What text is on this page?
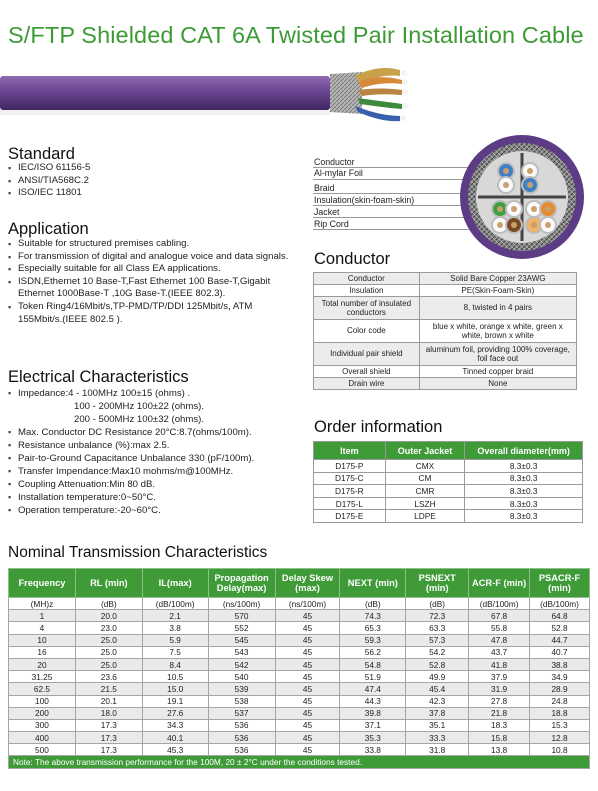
S/FTP Shielded CAT 6A Twisted Pair Installation Cable
Standard
▪ IEC/ISO 61156-5
▪ ANSI/TIA568C.2
▪ ISO/IEC 11801
Application
▪ Suitable for structured premises cabling.
▪ For transmission of digital and analogue voice and data signals.
▪ Especially suitable for all Class EA applications.
▪ ISDN,Ethernet 10 Base-T,Fast Ethernet 100 Base-T,Gigabit Ethernet 1000Base-T ,10G Base-T.(IEEE 802.3).
▪ Token Ring4/16Mbit/s,TP-PMD/TP/DDI 125Mbit/s, ATM 155Mbit/s.(IEEE 802.5 ).
Electrical Characteristics
▪ Impedance:4 - 100MHz 100±15 (ohms) .
100 - 200MHz 100±22 (ohms).
200 - 500MHz 100±32 (ohms).
▪ Max. Conductor DC Resistance 20°C:8.7(ohms/100m).
▪ Resistance unbalance (%):max 2.5.
▪ Pair-to-Ground Capacitance Unbalance 330 (pF/100m).
▪ Transfer Impendance:Max10 mohms/m@100MHz.
▪ Coupling Attenuation:Min 80 dB.
▪ Installation temperature:0~50°C.
▪ Operation temperature:-20~60°C.
Conductor
Al-mylar Foil
Braid
Insulation(skin-foam-skin)
Jacket
Rip Cord
Conductor
Conductor	Solid Bare Copper 23AWG
Insulation	PE(Skin-Foam-Skin)
Total number of insulated conductors	8, twisted in 4 pairs
Color code	blue x white, orange x white, green x white, brown x white
Individual pair shield	aluminum foil, providing 100% coverage, foil face out
Overall shield	Tinned copper braid
Drain wire	None
Order information
Item	Outer Jacket	Overall diameter(mm)
D175-P	CMX	8.3±0.3
D175-C	CM	8.3±0.3
D175-R	CMR	8.3±0.3
D175-L	LSZH	8.3±0.3
D175-E	LDPE	8.3±0.3
Nominal Transmission Characteristics
Frequency	RL (min)	IL(max)	Propagation Delay(max)	Delay Skew (max)	NEXT (min)	PSNEXT (min)	ACR-F (min)	PSACR-F (min)
(MH)z	(dB)	(dB/100m)	(ns/100m)	(ns/100m)	(dB)	(dB)	(dB/100m)	(dB/100m)
1	20.0	2.1	570	45	74.3	72.3	67.8	64.8
4	23.0	3.8	552	45	65.3	63.3	55.8	52.8
10	25.0	5.9	545	45	59.3	57.3	47.8	44.7
16	25.0	7.5	543	45	56.2	54.2	43.7	40.7
20	25.0	8.4	542	45	54.8	52.8	41.8	38.8
31.25	23.6	10.5	540	45	51.9	49.9	37.9	34.9
62.5	21.5	15.0	539	45	47.4	45.4	31.9	28.9
100	20.1	19.1	538	45	44.3	42.3	27.8	24.8
200	18.0	27.6	537	45	39.8	37.8	21.8	18.8
300	17.3	34.3	536	45	37.1	35.1	18.3	15.3
400	17.3	40.1	536	45	35.3	33.3	15.8	12.8
500	17.3	45.3	536	45	33.8	31.8	13.8	10.8
Note: The above transmission performance for the 100M, 20 ± 2°C under the conditions tested.								
